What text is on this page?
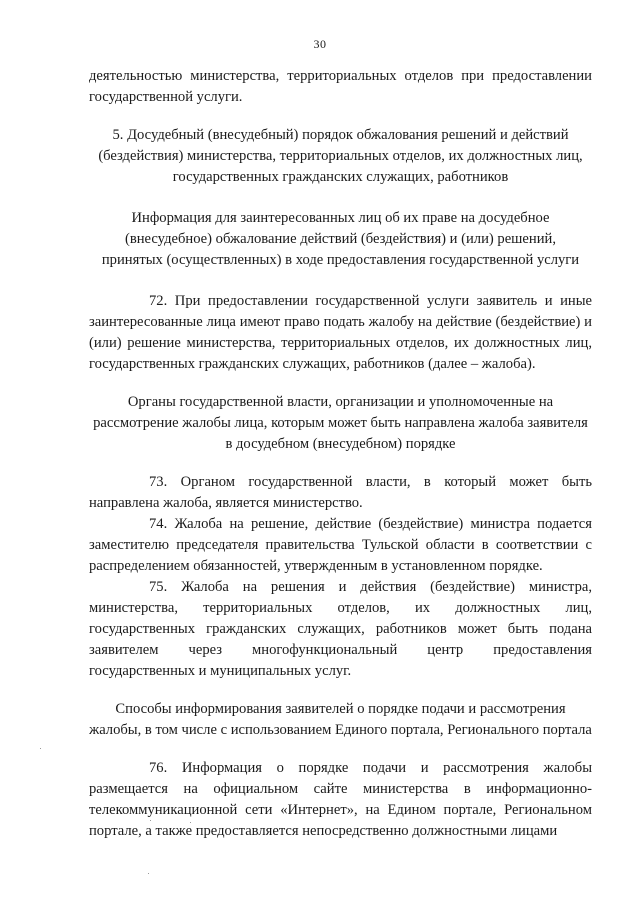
30

деятельностью министерства, территориальных отделов при предоставлении государственной услуги.

5. Досудебный (внесудебный) порядок обжалования решений и действий (бездействия) министерства, территориальных отделов, их должностных лиц, государственных гражданских служащих, работников

Информация для заинтересованных лиц об их праве на досудебное (внесудебное) обжалование действий (бездействия) и (или) решений, принятых (осуществленных) в ходе предоставления государственной услуги

72. При предоставлении государственной услуги заявитель и иные заинтересованные лица имеют право подать жалобу на действие (бездействие) и (или) решение министерства, территориальных отделов, их должностных лиц, государственных гражданских служащих, работников (далее – жалоба).

Органы государственной власти, организации и уполномоченные на рассмотрение жалобы лица, которым может быть направлена жалоба заявителя в досудебном (внесудебном) порядке

73. Органом государственной власти, в который может быть направлена жалоба, является министерство.

74. Жалоба на решение, действие (бездействие) министра подается заместителю председателя правительства Тульской области в соответствии с распределением обязанностей, утвержденным в установленном порядке.

75. Жалоба на решения и действия (бездействие) министра, министерства, территориальных отделов, их должностных лиц, государственных гражданских служащих, работников может быть подана заявителем через многофункциональный центр предоставления государственных и муниципальных услуг.

Способы информирования заявителей о порядке подачи и рассмотрения жалобы, в том числе с использованием Единого портала, Регионального портала

76. Информация о порядке подачи и рассмотрения жалобы размещается на официальном сайте министерства в информационно-телекоммуникационной сети «Интернет», на Едином портале, Региональном портале, а также предоставляется непосредственно должностными лицами
